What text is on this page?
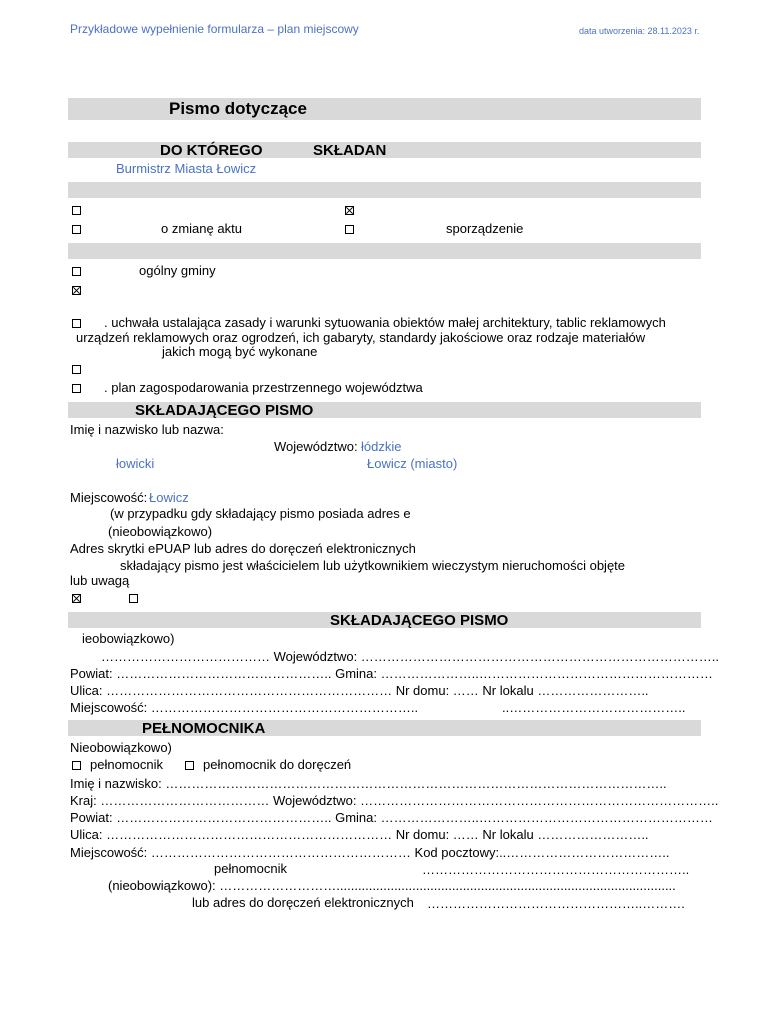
Przykładowe wypełnienie formularza – plan miejscowy	data utworzenia: 28.11.2023 r.
Pismo dotyczące
DO KTÓREGO	SKŁADAN
Burmistrz Miasta Łowicz
o zmianę aktu	sporządzenie
ogólny gminy
. uchwała ustalająca zasady i warunki sytuowania obiektów małej architektury, tablic reklamowych
urządzeń reklamowych oraz ogrodzeń, ich gabaryty, standardy jakościowe oraz rodzaje materiałów
jakich mogą być wykonane
. plan zagospodarowania przestrzennego województwa
SKŁADAJĄCEGO PISMO
Imię i nazwisko lub nazwa:
Województwo: łódzkie
łowicki	Łowicz (miasto)
Miejscowość: Łowicz
(w przypadku gdy składający pismo posiada adres e
(nieobowiązkowo)
Adres skrytki ePUAP lub adres do doręczeń elektronicznych
składający pismo jest właścicielem lub użytkownikiem wieczystym nieruchomości objęte
lub uwagą
SKŁADAJĄCEGO PISMO
ieobowiązkowo)
………………………………… Województwo: ………………………………………………………………………..
Powiat: ………………………………………….. Gmina: …………………..………………………………………………
Ulica: ………………………………………………………… Nr domu: …… Nr lokalu ……………………..
Miejscowość: ……………………………………………………..	..…………………………………..
PEŁNOMOCNIKA
Nieobowiązkowo)
pełnomocnik	pełnomocnik do doręczeń
Imię i nazwisko: ……………………………………………………………………………………………………..
Kraj: ………………………………… Województwo: ………………………………………………………………………..
Powiat: ………………………………………….. Gmina: …………………..………………………………………………
Ulica: ………………………………………………………… Nr domu: …… Nr lokalu ……………………..
Miejscowość: …………………………………………………… Kod pocztowy:..………………………………..
pełnomocnik	……………………………………………………..
(nieobowiązkowo): ………………………..............................................................................................
lub adres do doręczeń elektronicznych …………………………………………..……….
